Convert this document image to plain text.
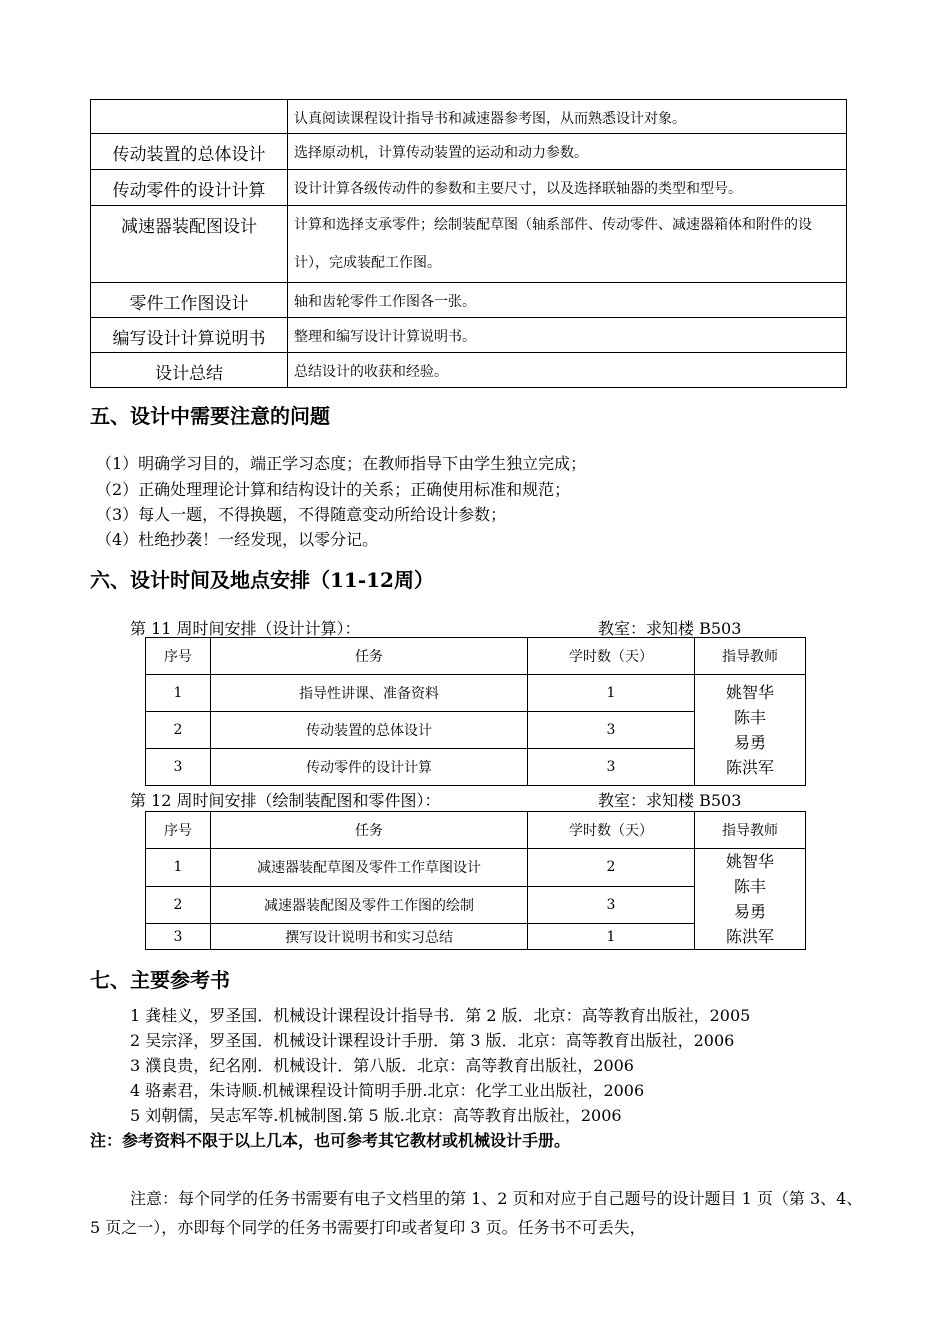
	认真阅读课程设计指导书和减速器参考图，从而熟悉设计对象。
传动装置的总体设计	选择原动机，计算传动装置的运动和动力参数。
传动零件的设计计算	设计计算各级传动件的参数和主要尺寸，以及选择联轴器的类型和型号。
减速器装配图设计	计算和选择支承零件；绘制装配草图（轴系部件、传动零件、减速器箱体和附件的设计），完成装配工作图。
零件工作图设计	轴和齿轮零件工作图各一张。
编写设计计算说明书	整理和编写设计计算说明书。
设计总结	总结设计的收获和经验。
五、设计中需要注意的问题
（1）明确学习目的，端正学习态度；在教师指导下由学生独立完成；
（2）正确处理理论计算和结构设计的关系；正确使用标准和规范；
（3）每人一题，不得换题，不得随意变动所给设计参数；
（4）杜绝抄袭！一经发现，以零分记。
六、设计时间及地点安排（11-12周）
第 11 周时间安排（设计计算）：	教室：求知楼 B503
序号	任务	学时数（天）	指导教师
1	指导性讲课、准备资料	1	姚智华
陈丰
易勇
陈洪军

2	传动装置的总体设计	3	
3	传动零件的设计计算	3	
第 12 周时间安排（绘制装配图和零件图）：	教室：求知楼 B503
序号	任务	学时数（天）	指导教师
1	减速器装配草图及零件工作草图设计	2	姚智华
陈丰
易勇
陈洪军

2	减速器装配图及零件工作图的绘制	3	
3	撰写设计说明书和实习总结	1	
七、主要参考书
1 龚桂义，罗圣国．机械设计课程设计指导书．第 2 版．北京：高等教育出版社，2005
2 吴宗泽，罗圣国．机械设计课程设计手册．第 3 版．北京：高等教育出版社，2006
3 濮良贵，纪名刚．机械设计．第八版．北京：高等教育出版社，2006
4 骆素君，朱诗顺.机械课程设计简明手册.北京：化学工业出版社，2006
5 刘朝儒，吴志军等.机械制图.第 5 版.北京：高等教育出版社，2006
注：参考资料不限于以上几本，也可参考其它教材或机械设计手册。
注意：每个同学的任务书需要有电子文档里的第 1、2 页和对应于自己题号的设计题目 1 页（第 3、4、5 页之一），亦即每个同学的任务书需要打印或者复印 3 页。任务书不可丢失，
